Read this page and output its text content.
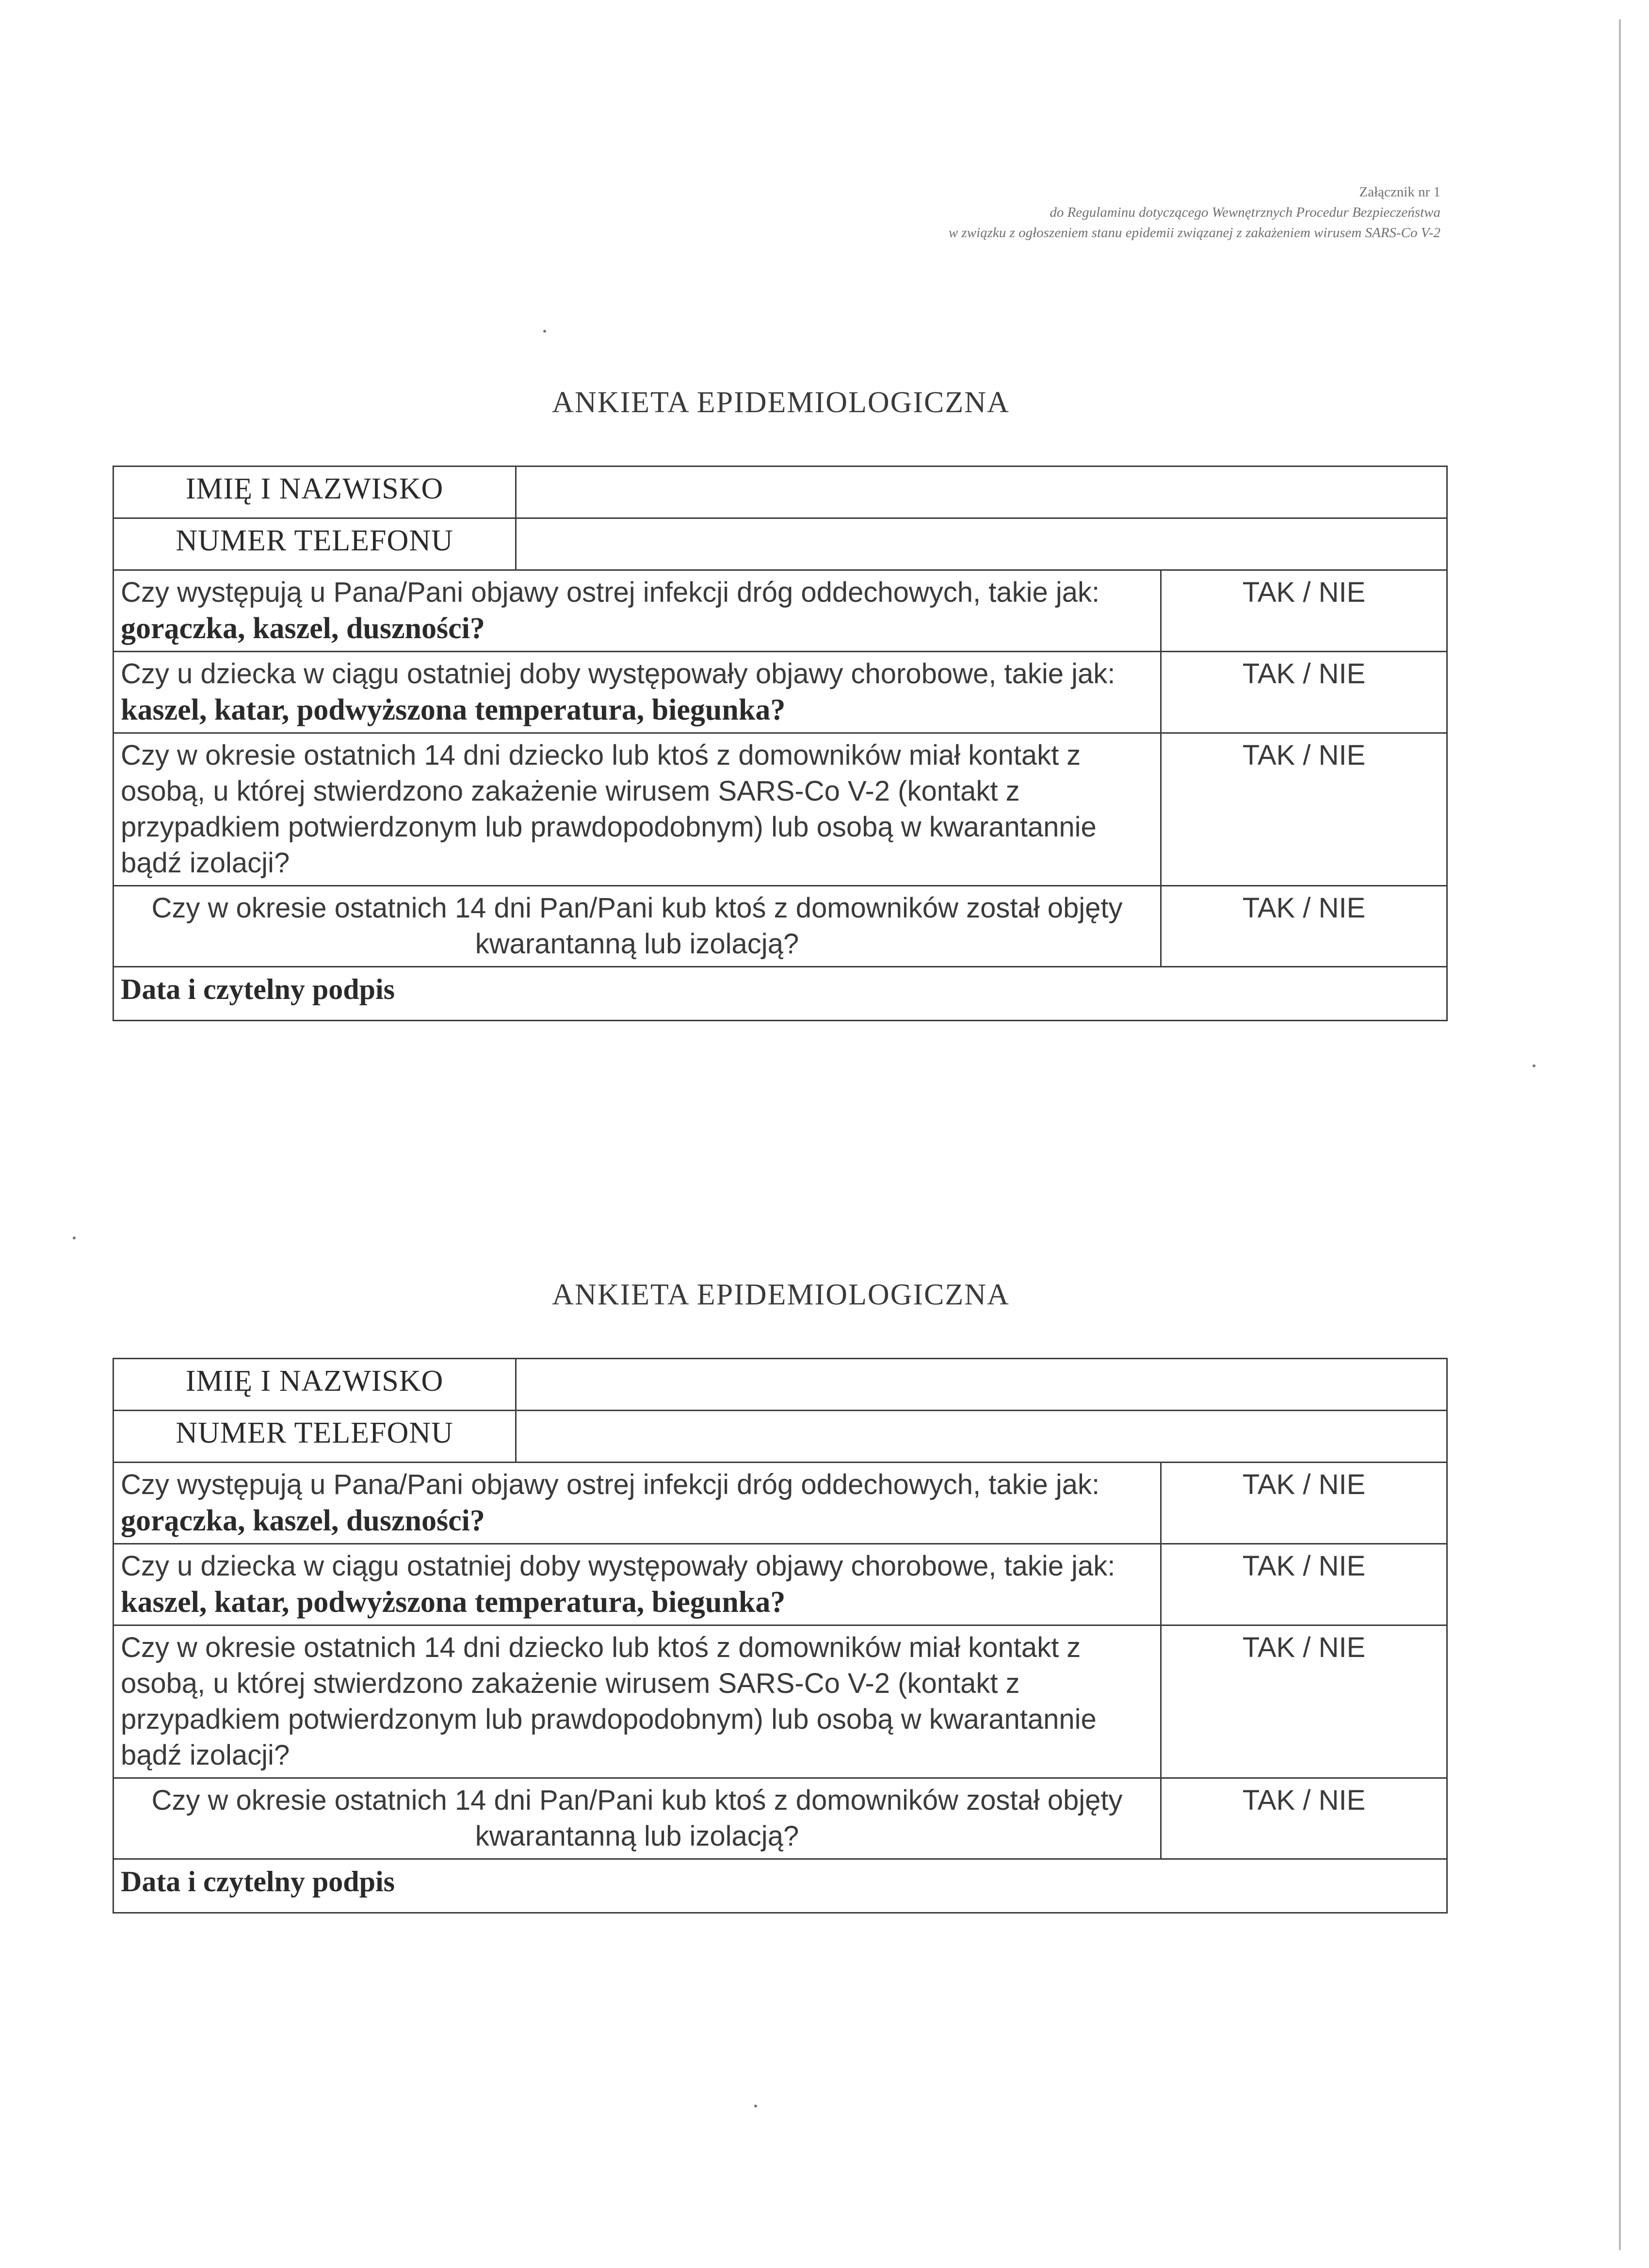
Załącznik nr 1
do Regulaminu dotyczącego Wewnętrznych Procedur Bezpieczeństwa
w związku z ogłoszeniem stanu epidemii związanej z zakażeniem wirusem SARS-Co V-2
ANKIETA EPIDEMIOLOGICZNA
IMIĘ I NAZWISKO		
NUMER TELEFONU		
Czy występują u Pana/Pani objawy ostrej infekcji dróg oddechowych, takie jak: gorączka, kaszel, duszności?		TAK / NIE
Czy u dziecka w ciągu ostatniej doby występowały objawy chorobowe, takie jak: kaszel, katar, podwyższona temperatura, biegunka?		TAK / NIE
Czy w okresie ostatnich 14 dni dziecko lub ktoś z domowników miał kontakt z osobą, u której stwierdzono zakażenie wirusem SARS-Co V-2 (kontakt z przypadkiem potwierdzonym lub prawdopodobnym) lub osobą w kwarantannie bądź izolacji?		TAK / NIE
Czy w okresie ostatnich 14 dni Pan/Pani kub ktoś z domowników został objęty kwarantanną lub izolacją?		TAK / NIE
Data i czytelny podpis		
ANKIETA EPIDEMIOLOGICZNA
IMIĘ I NAZWISKO		
NUMER TELEFONU		
Czy występują u Pana/Pani objawy ostrej infekcji dróg oddechowych, takie jak: gorączka, kaszel, duszności?		TAK / NIE
Czy u dziecka w ciągu ostatniej doby występowały objawy chorobowe, takie jak: kaszel, katar, podwyższona temperatura, biegunka?		TAK / NIE
Czy w okresie ostatnich 14 dni dziecko lub ktoś z domowników miał kontakt z osobą, u której stwierdzono zakażenie wirusem SARS-Co V-2 (kontakt z przypadkiem potwierdzonym lub prawdopodobnym) lub osobą w kwarantannie bądź izolacji?		TAK / NIE
Czy w okresie ostatnich 14 dni Pan/Pani kub ktoś z domowników został objęty kwarantanną lub izolacją?		TAK / NIE
Data i czytelny podpis		
